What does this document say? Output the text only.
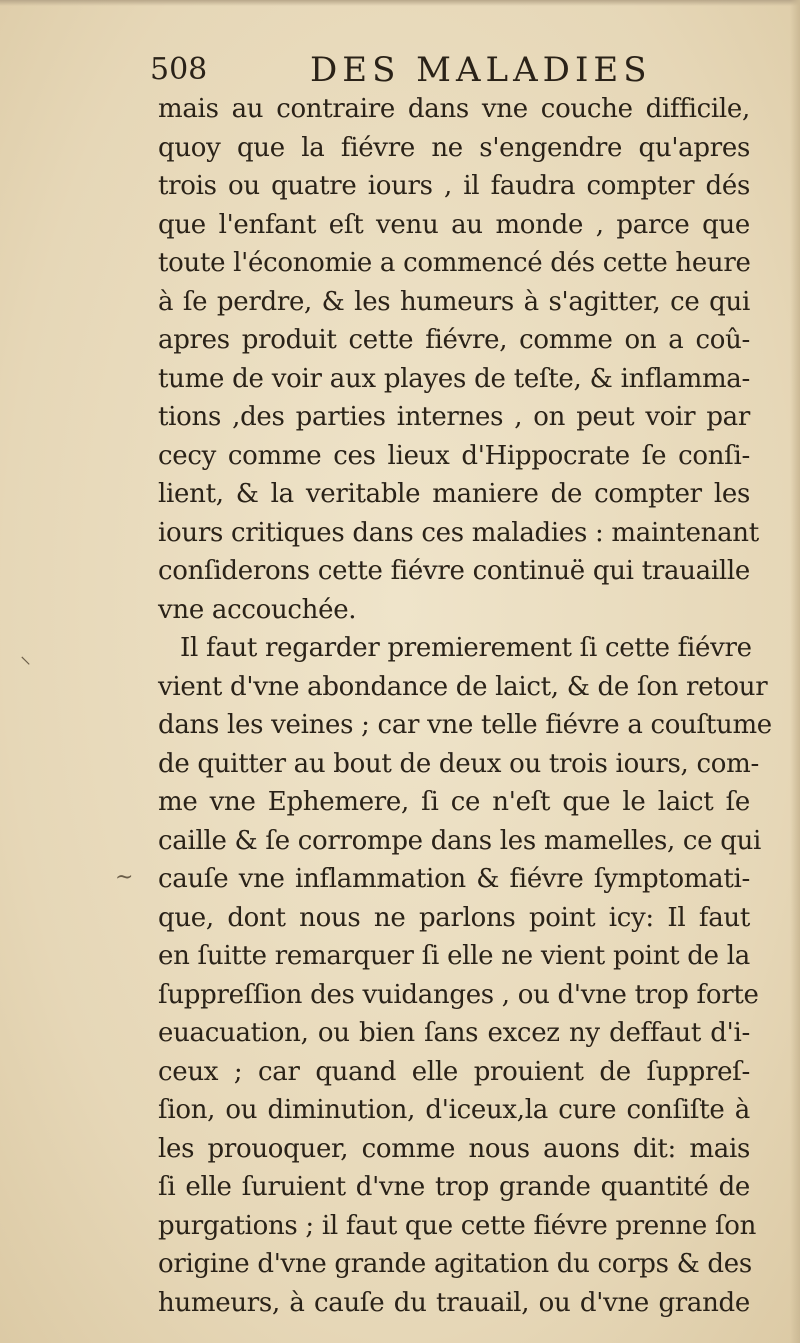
508	DES MALADIES
mais au contraire dans vne couche difficile,
quoy que la fiévre ne s'engendre qu'apres
trois ou quatre iours , il faudra compter dés
que l'enfant eſt venu au monde , parce que
toute l'économie a commencé dés cette heure
à ſe perdre, & les humeurs à s'agitter, ce qui
apres produit cette fiévre, comme on a coû-
tume de voir aux playes de teſte, & inflamma-
tions ,des parties internes , on peut voir par
cecy comme ces lieux d'Hippocrate ſe conſi-
lient, & la veritable maniere de compter les
iours critiques dans ces maladies : maintenant
conſiderons cette fiévre continuë qui trauaille
vne accouchée.
Il faut regarder premierement ſi cette fiévre
vient d'vne abondance de laict, & de ſon retour
dans les veines ; car vne telle fiévre a couſtume
de quitter au bout de deux ou trois iours, com-
me vne Ephemere, ſi ce n'eſt que le laict ſe
caille & ſe corrompe dans les mamelles, ce qui
cauſe vne inflammation & fiévre ſymptomati-
que, dont nous ne parlons point icy: Il faut
en ſuitte remarquer ſi elle ne vient point de la
ſuppreſſion des vuidanges , ou d'vne trop forte
euacuation, ou bien ſans excez ny deffaut d'i-
ceux ; car quand elle prouient de ſuppreſ-
ſion, ou diminution, d'iceux,la cure conſiſte à
les prouoquer, comme nous auons dit: mais
ſi elle ſuruient d'vne trop grande quantité de
purgations ; il faut que cette fiévre prenne ſon
origine d'vne grande agitation du corps & des
humeurs, à cauſe du trauail, ou d'vne grande
⸜
~
